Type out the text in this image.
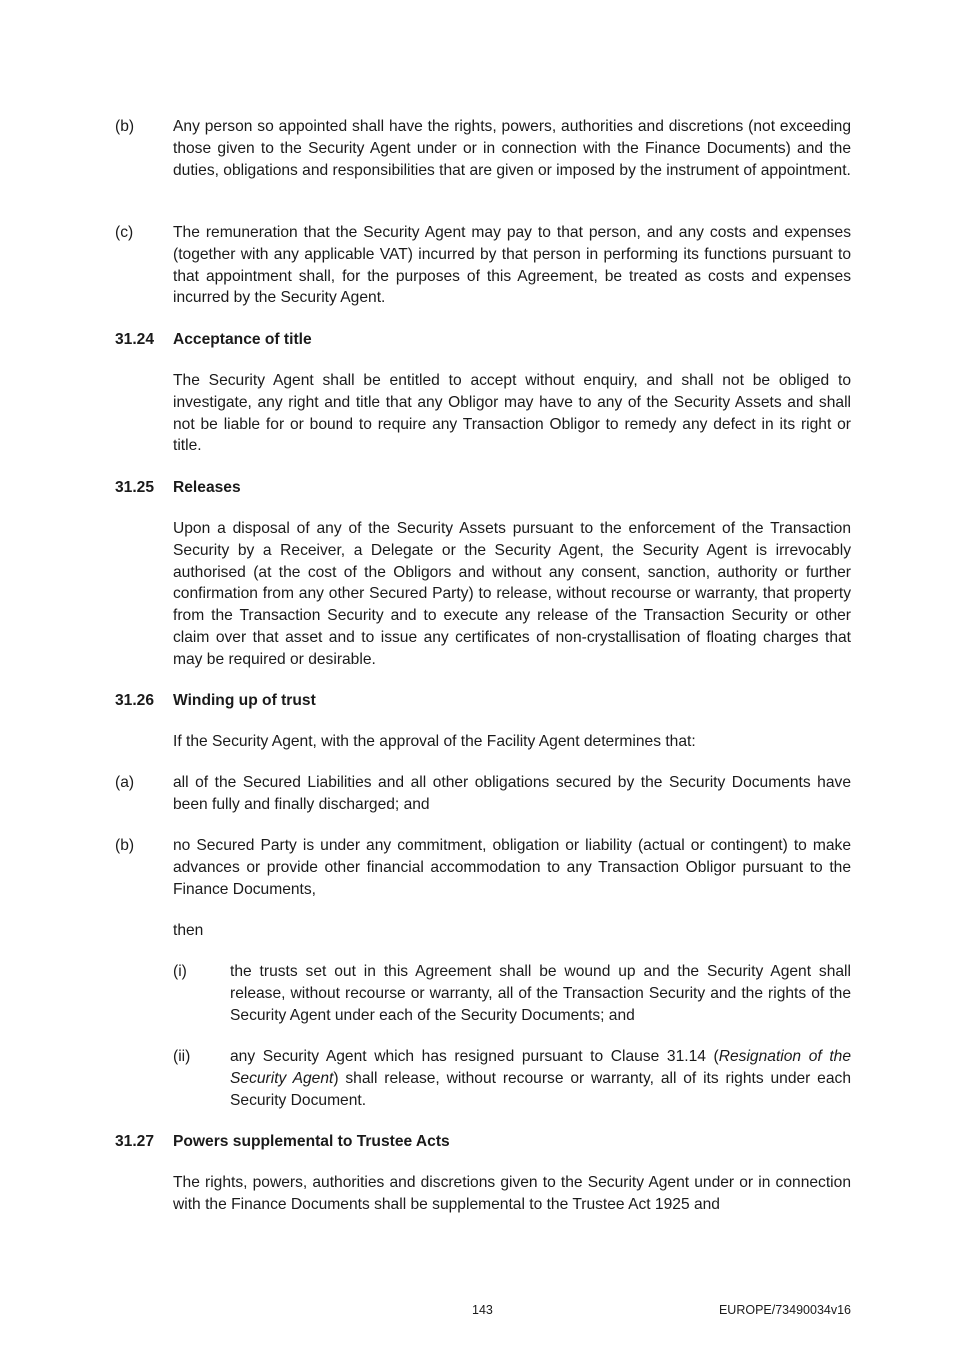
(b) Any person so appointed shall have the rights, powers, authorities and discretions (not exceeding those given to the Security Agent under or in connection with the Finance Documents) and the duties, obligations and responsibilities that are given or imposed by the instrument of appointment.

(c)	The remuneration that the Security Agent may pay to that person, and any costs and expenses (together with any applicable VAT) incurred by that person in performing its functions pursuant to that appointment shall, for the purposes of this Agreement, be treated as costs and expenses incurred by the Security Agent.

31.24 Acceptance of title

The Security Agent shall be entitled to accept without enquiry, and shall not be obliged to investigate, any right and title that any Obligor may have to any of the Security Assets and shall not be liable for or bound to require any Transaction Obligor to remedy any defect in its right or title.

31.25 Releases

Upon a disposal of any of the Security Assets pursuant to the enforcement of the Transaction Security by a Receiver, a Delegate or the Security Agent, the Security Agent is irrevocably authorised (at the cost of the Obligors and without any consent, sanction, authority or further confirmation from any other Secured Party) to release, without recourse or warranty, that property from the Transaction Security and to execute any release of the Transaction Security or other claim over that asset and to issue any certificates of non-crystallisation of floating charges that may be required or desirable.

31.26 Winding up of trust

If the Security Agent, with the approval of the Facility Agent determines that:

(a) all of the Secured Liabilities and all other obligations secured by the Security Documents have been fully and finally discharged; and

(b) no Secured Party is under any commitment, obligation or liability (actual or contingent) to make advances or provide other financial accommodation to any Transaction Obligor pursuant to the Finance Documents,

then

(i)	the trusts set out in this Agreement shall be wound up and the Security Agent shall release, without recourse or warranty, all of the Transaction Security and the rights of the Security Agent under each of the Security Documents; and

(ii)	any Security Agent which has resigned pursuant to Clause 31.14 (Resignation of the Security Agent) shall release, without recourse or warranty, all of its rights under each Security Document.

31.27 Powers supplemental to Trustee Acts

The rights, powers, authorities and discretions given to the Security Agent under or in connection with the Finance Documents shall be supplemental to the Trustee Act 1925 and

143	EUROPE/73490034v16
